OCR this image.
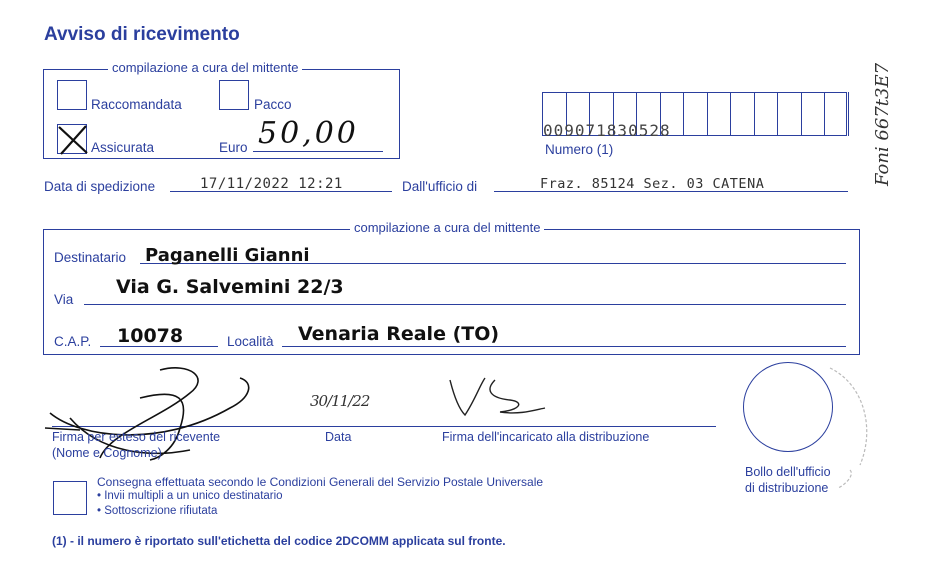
Avviso di ricevimento
compilazione a cura del mittente
Raccomandata	Pacco
Assicurata	Euro 50,00	009071830528
Numero (1)
Data di spedizione	17/11/2022 12:21	Dall'ufficio di	Fraz. 85124 Sez. 03 CATENA
compilazione a cura del mittente
Destinatario Paganelli Gianni
Via
Via G. Salvemini 22/3
C.A.P. 10078	Località Venaria Reale (TO)
Firma per esteso del ricevente
(Nome e Cognome)
30/11/22
Data	Firma dell'incaricato alla distribuzione
Consegna effettuata secondo le Condizioni Generali del Servizio Postale Universale
• Invii multipli a un unico destinatario
• Sottoscrizione rifiutata
Bollo dell'ufficio
di distribuzione
Foni 667t3E7
(1) - il numero è riportato sull'etichetta del codice 2DCOMM applicata sul fronte.
